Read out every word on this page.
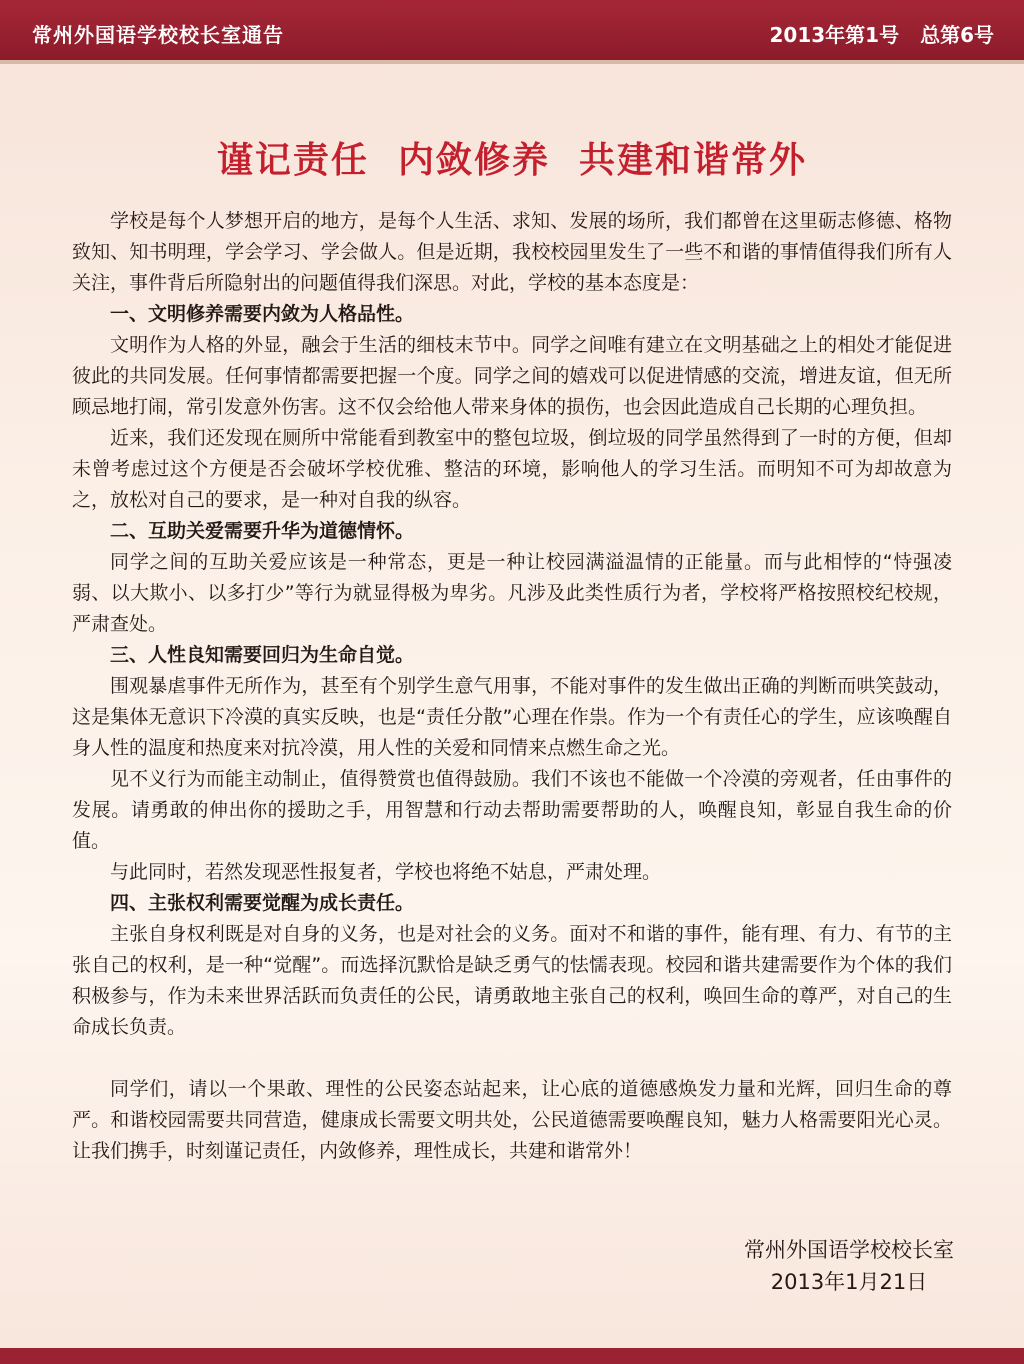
常州外国语学校校长室通告	2013年第1号 总第6号
谨记责任  内敛修养  共建和谐常外

学校是每个人梦想开启的地方，是每个人生活、求知、发展的场所，我们都曾在这里砺志修德、格物致知、知书明理，学会学习、学会做人。但是近期，我校校园里发生了一些不和谐的事情值得我们所有人关注，事件背后所隐射出的问题值得我们深思。对此，学校的基本态度是：

一、文明修养需要内敛为人格品性。

文明作为人格的外显，融会于生活的细枝末节中。同学之间唯有建立在文明基础之上的相处才能促进彼此的共同发展。任何事情都需要把握一个度。同学之间的嬉戏可以促进情感的交流，增进友谊，但无所顾忌地打闹，常引发意外伤害。这不仅会给他人带来身体的损伤，也会因此造成自己长期的心理负担。

近来，我们还发现在厕所中常能看到教室中的整包垃圾，倒垃圾的同学虽然得到了一时的方便，但却未曾考虑过这个方便是否会破坏学校优雅、整洁的环境，影响他人的学习生活。而明知不可为却故意为之，放松对自己的要求，是一种对自我的纵容。

二、互助关爱需要升华为道德情怀。

同学之间的互助关爱应该是一种常态，更是一种让校园满溢温情的正能量。而与此相悖的“恃强凌弱、以大欺小、以多打少”等行为就显得极为卑劣。凡涉及此类性质行为者，学校将严格按照校纪校规，严肃查处。

三、人性良知需要回归为生命自觉。

围观暴虐事件无所作为，甚至有个别学生意气用事，不能对事件的发生做出正确的判断而哄笑鼓动，这是集体无意识下冷漠的真实反映，也是“责任分散”心理在作祟。作为一个有责任心的学生，应该唤醒自身人性的温度和热度来对抗冷漠，用人性的关爱和同情来点燃生命之光。

见不义行为而能主动制止，值得赞赏也值得鼓励。我们不该也不能做一个冷漠的旁观者，任由事件的发展。请勇敢的伸出你的援助之手，用智慧和行动去帮助需要帮助的人，唤醒良知，彰显自我生命的价值。

与此同时，若然发现恶性报复者，学校也将绝不姑息，严肃处理。

四、主张权利需要觉醒为成长责任。

主张自身权利既是对自身的义务，也是对社会的义务。面对不和谐的事件，能有理、有力、有节的主张自己的权利，是一种“觉醒”。而选择沉默恰是缺乏勇气的怯懦表现。校园和谐共建需要作为个体的我们积极参与，作为未来世界活跃而负责任的公民，请勇敢地主张自己的权利，唤回生命的尊严，对自己的生命成长负责。

同学们，请以一个果敢、理性的公民姿态站起来，让心底的道德感焕发力量和光辉，回归生命的尊严。和谐校园需要共同营造，健康成长需要文明共处，公民道德需要唤醒良知，魅力人格需要阳光心灵。让我们携手，时刻谨记责任，内敛修养，理性成长，共建和谐常外！

常州外国语学校校长室
2013年1月21日
